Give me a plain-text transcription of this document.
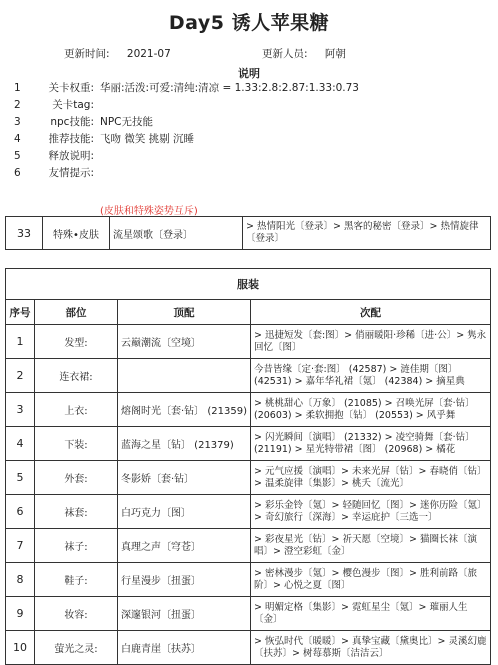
Day5 诱人苹果糖
更新时间: 2021-07	更新人员: 阿朝
说明
1	关卡权重: 华丽:活泼:可爱:清纯:清凉 = 1.33:2.8:2.87:1.33:0.73
2	关卡tag:
3	npc技能: NPC无技能
4	推荐技能: 飞吻 微笑 挑剔 沉睡
5	释放说明:
6	友情提示:
(皮肤和特殊姿势互斥)
33	特殊•皮肤	流星颂歌〔登录〕	> 热情阳光〔登录〕> 黑客的秘密〔登录〕> 热情旋律〔登录〕
服装			
序号	部位	顶配	次配
1	发型:	云巅潮流〔空境〕	> 迅捷短发〔套:图〕> 俏丽暖阳·珍稀〔进·公〕> 隽永回忆〔图〕
2	连衣裙:		今昔皆缘〔定·套:图〕 (42587) > 涟佳期〔图〕 (42531) > 嘉年华礼裙〔氪〕 (42384) > 摘星典
3	上衣:	熔阁时光〔套·钻〕 (21359)	> 桃桃甜心〔万象〕 (21085) > 召唤光屏〔套·钻〕 (20603) > 柔软拥抱〔钻〕 (20553) > 风乎舞
4	下装:	蓝海之星〔钻〕 (21379)	> 闪光瞬间〔演唱〕 (21332) > 凌空骑舞〔套·钻〕 (21191) > 星光特带裙〔图〕 (20968) > 橘花
5	外套:	冬影娇〔套·钻〕	> 元气应援〔演唱〕> 未来光屏〔钻〕> 春晓俏〔钻〕> 温柔旋律〔集影〕> 桃夭〔流光〕
6	袜套:	白巧克力〔图〕	> 彩乐金铃〔氪〕> 轻随回忆〔图〕> 迷你历险〔氪〕> 奇幻旅行〔深海〕> 幸运庇护〔三选一〕
7	袜子:	真理之声〔穹苍〕	> 彩夜星光〔钻〕> 祈天愿〔空境〕> 猫圈长袜〔演唱〕> 澄空彩虹〔金〕
8	鞋子:	行星漫步〔扭蛋〕	> 密林漫步〔氪〕> 樱色漫步〔图〕> 胜利前路〔旅阶〕> 心悦之夏〔图〕
9	妆容:	深邃银河〔扭蛋〕	> 明媚定格〔集影〕> 霓虹星尘〔氪〕> 璀丽人生〔金〕
10	萤光之灵:	白鹿青崖〔扶苏〕	> 恢弘时代〔暖暖〕> 真挚宝藏〔黛奥比〕> 灵溪幻鹿〔扶苏〕> 树莓慕斯〔洁洁云〕
